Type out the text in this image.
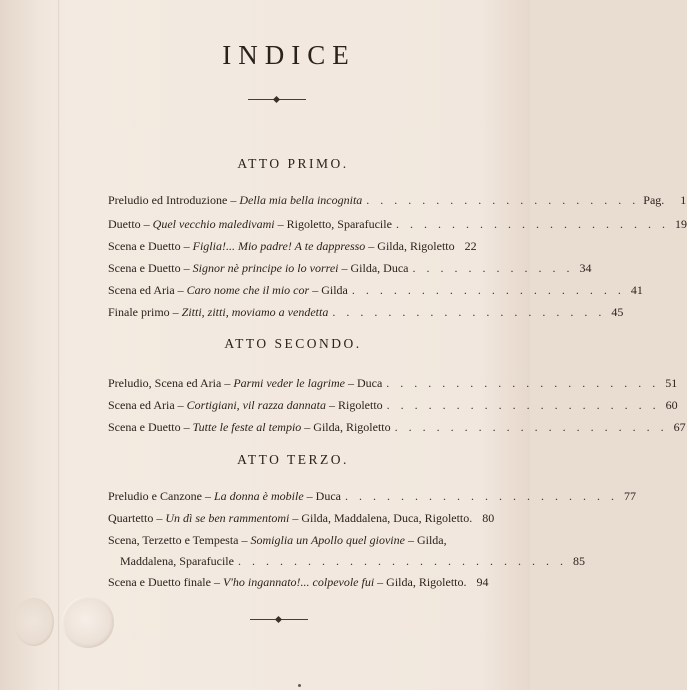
INDICE
ATTO PRIMO.
Preludio ed Introduzione – Della mia bella incognita . . . . . . . . . . . . . . . . . . . . Pag.	1
Duetto – Quel vecchio maledivami – Rigoletto, Sparafucile . . . . . . . . . . . . . . . . . . . . 19
Scena e Duetto – Figlia!... Mio padre! A te dappresso – Gilda, Rigoletto 22
Scena e Duetto – Signor nè principe io lo vorrei – Gilda, Duca . . . . . . . . . . . . 34
Scena ed Aria – Caro nome che il mio cor – Gilda . . . . . . . . . . . . . . . . . . . . 41
Finale primo – Zitti, zitti, moviamo a vendetta . . . . . . . . . . . . . . . . . . . . 45
ATTO SECONDO.
Preludio, Scena ed Aria – Parmi veder le lagrime – Duca . . . . . . . . . . . . . . . . . . . . 51
Scena ed Aria – Cortigiani, vil razza dannata – Rigoletto . . . . . . . . . . . . . . . . . . . . 60
Scena e Duetto – Tutte le feste al tempio – Gilda, Rigoletto . . . . . . . . . . . . . . . . . . . . 67
ATTO TERZO.
Preludio e Canzone – La donna è mobile – Duca . . . . . . . . . . . . . . . . . . . . 77
Quartetto – Un dì se ben rammentomi – Gilda, Maddalena, Duca, Rigoletto. 80
Scena, Terzetto e Tempesta – Somiglia un Apollo quel giovine – Gilda,
Maddalena, Sparafucile . . . . . . . . . . . . . . . . . . . . . . . . 85
Scena e Duetto finale – V'ho ingannato!... colpevole fui – Gilda, Rigoletto. 94
